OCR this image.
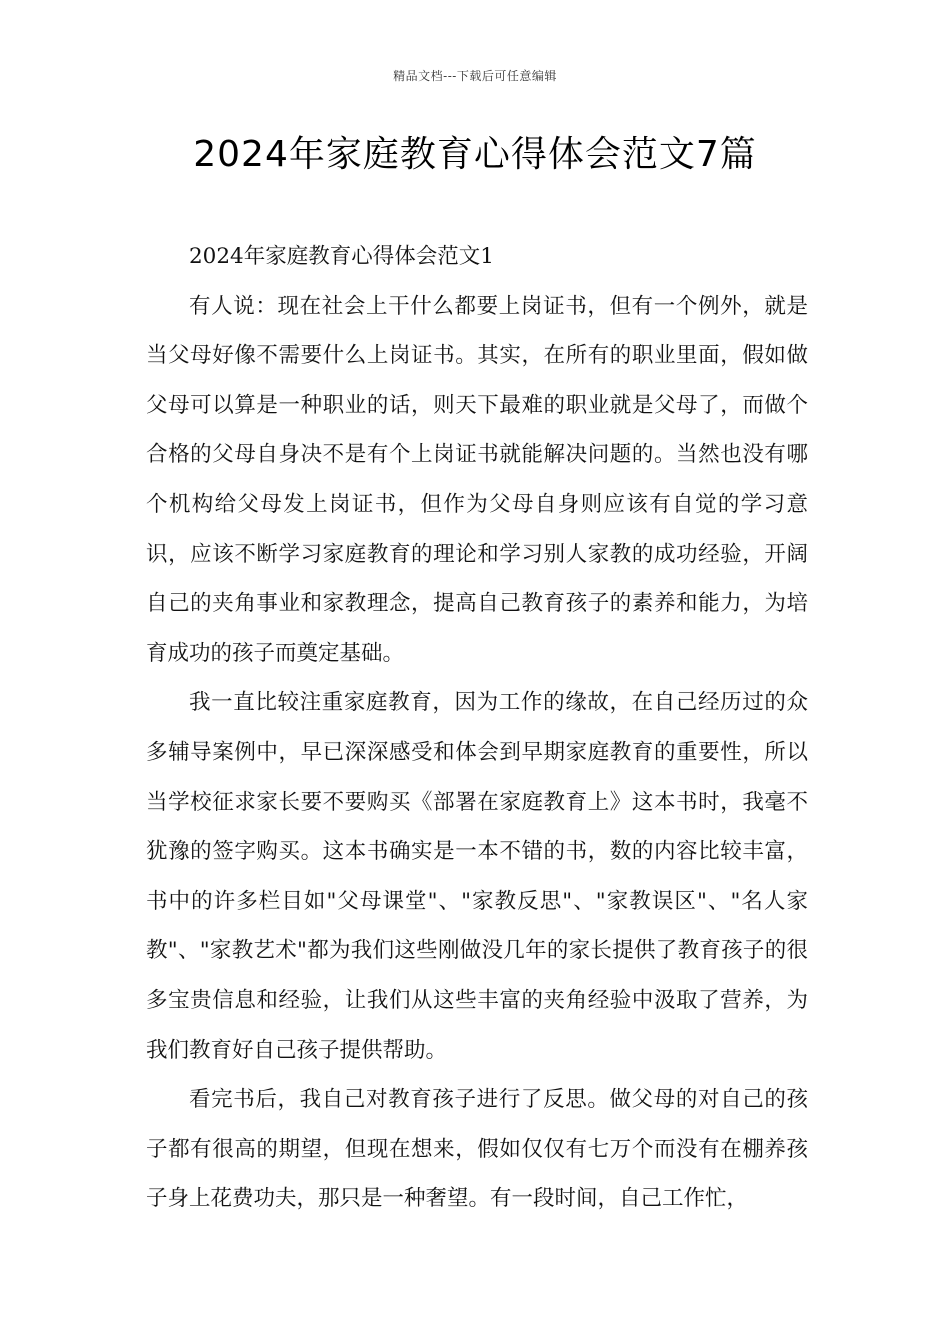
精品文档---下载后可任意编辑
2024年家庭教育心得体会范文7篇

2024年家庭教育心得体会范文1

有人说：现在社会上干什么都要上岗证书，但有一个例外，就是当父母好像不需要什么上岗证书。其实，在所有的职业里面，假如做父母可以算是一种职业的话，则天下最难的职业就是父母了，而做个合格的父母自身决不是有个上岗证书就能解决问题的。当然也没有哪个机构给父母发上岗证书，但作为父母自身则应该有自觉的学习意识，应该不断学习家庭教育的理论和学习别人家教的成功经验，开阔自己的夹角事业和家教理念，提高自己教育孩子的素养和能力，为培育成功的孩子而奠定基础。

我一直比较注重家庭教育，因为工作的缘故，在自己经历过的众多辅导案例中，早已深深感受和体会到早期家庭教育的重要性，所以当学校征求家长要不要购买《部署在家庭教育上》这本书时，我毫不犹豫的签字购买。这本书确实是一本不错的书，数的内容比较丰富，书中的许多栏目如"父母课堂"、"家教反思"、"家教误区"、"名人家教"、"家教艺术"都为我们这些刚做没几年的家长提供了教育孩子的很多宝贵信息和经验，让我们从这些丰富的夹角经验中汲取了营养，为我们教育好自己孩子提供帮助。

看完书后，我自己对教育孩子进行了反思。做父母的对自己的孩子都有很高的期望，但现在想来，假如仅仅有七万个而没有在棚养孩子身上花费功夫，那只是一种奢望。有一段时间，自己工作忙，
